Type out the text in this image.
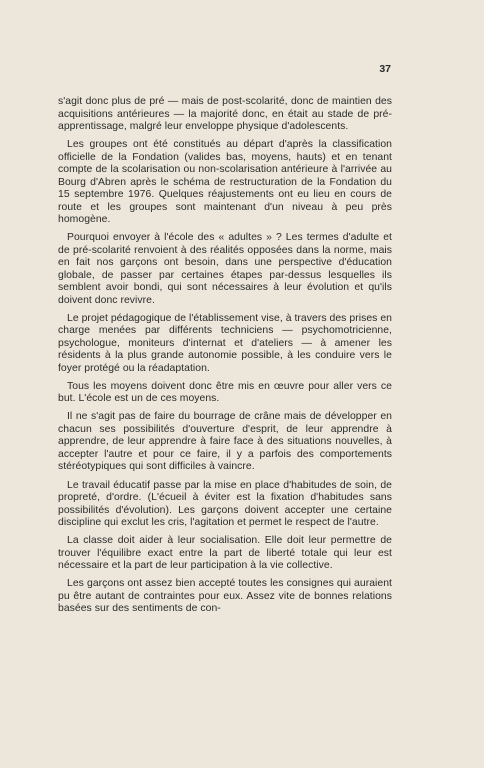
37

s'agit donc plus de pré — mais de post-scolarité, donc de maintien des acquisitions antérieures — la majorité donc, en était au stade de pré-apprentissage, malgré leur enveloppe physique d'adolescents.

Les groupes ont été constitués au départ d'après la classification officielle de la Fondation (valides bas, moyens, hauts) et en tenant compte de la scolarisation ou non-scolarisation antérieure à l'arrivée au Bourg d'Abren après le schéma de restructuration de la Fondation du 15 septembre 1976. Quelques réajustements ont eu lieu en cours de route et les groupes sont maintenant d'un niveau à peu près homogène.

Pourquoi envoyer à l'école des « adultes » ? Les termes d'adulte et de pré-scolarité renvoient à des réalités opposées dans la norme, mais en fait nos garçons ont besoin, dans une perspective d'éducation globale, de passer par certaines étapes par-dessus lesquelles ils semblent avoir bondi, qui sont nécessaires à leur évolution et qu'ils doivent donc revivre.

Le projet pédagogique de l'établissement vise, à travers des prises en charge menées par différents techniciens — psychomotricienne, psychologue, moniteurs d'internat et d'ateliers — à amener les résidents à la plus grande autonomie possible, à les conduire vers le foyer protégé ou la réadaptation.

Tous les moyens doivent donc être mis en œuvre pour aller vers ce but. L'école est un de ces moyens.

Il ne s'agit pas de faire du bourrage de crâne mais de développer en chacun ses possibilités d'ouverture d'esprit, de leur apprendre à apprendre, de leur apprendre à faire face à des situations nouvelles, à accepter l'autre et pour ce faire, il y a parfois des comportements stéréotypiques qui sont difficiles à vaincre.

Le travail éducatif passe par la mise en place d'habitudes de soin, de propreté, d'ordre. (L'écueil à éviter est la fixation d'habitudes sans possibilités d'évolution). Les garçons doivent accepter une certaine discipline qui exclut les cris, l'agitation et permet le respect de l'autre.

La classe doit aider à leur socialisation. Elle doit leur permettre de trouver l'équilibre exact entre la part de liberté totale qui leur est nécessaire et la part de leur participation à la vie collective.

Les garçons ont assez bien accepté toutes les consignes qui auraient pu être autant de contraintes pour eux. Assez vite de bonnes relations basées sur des sentiments de con-
